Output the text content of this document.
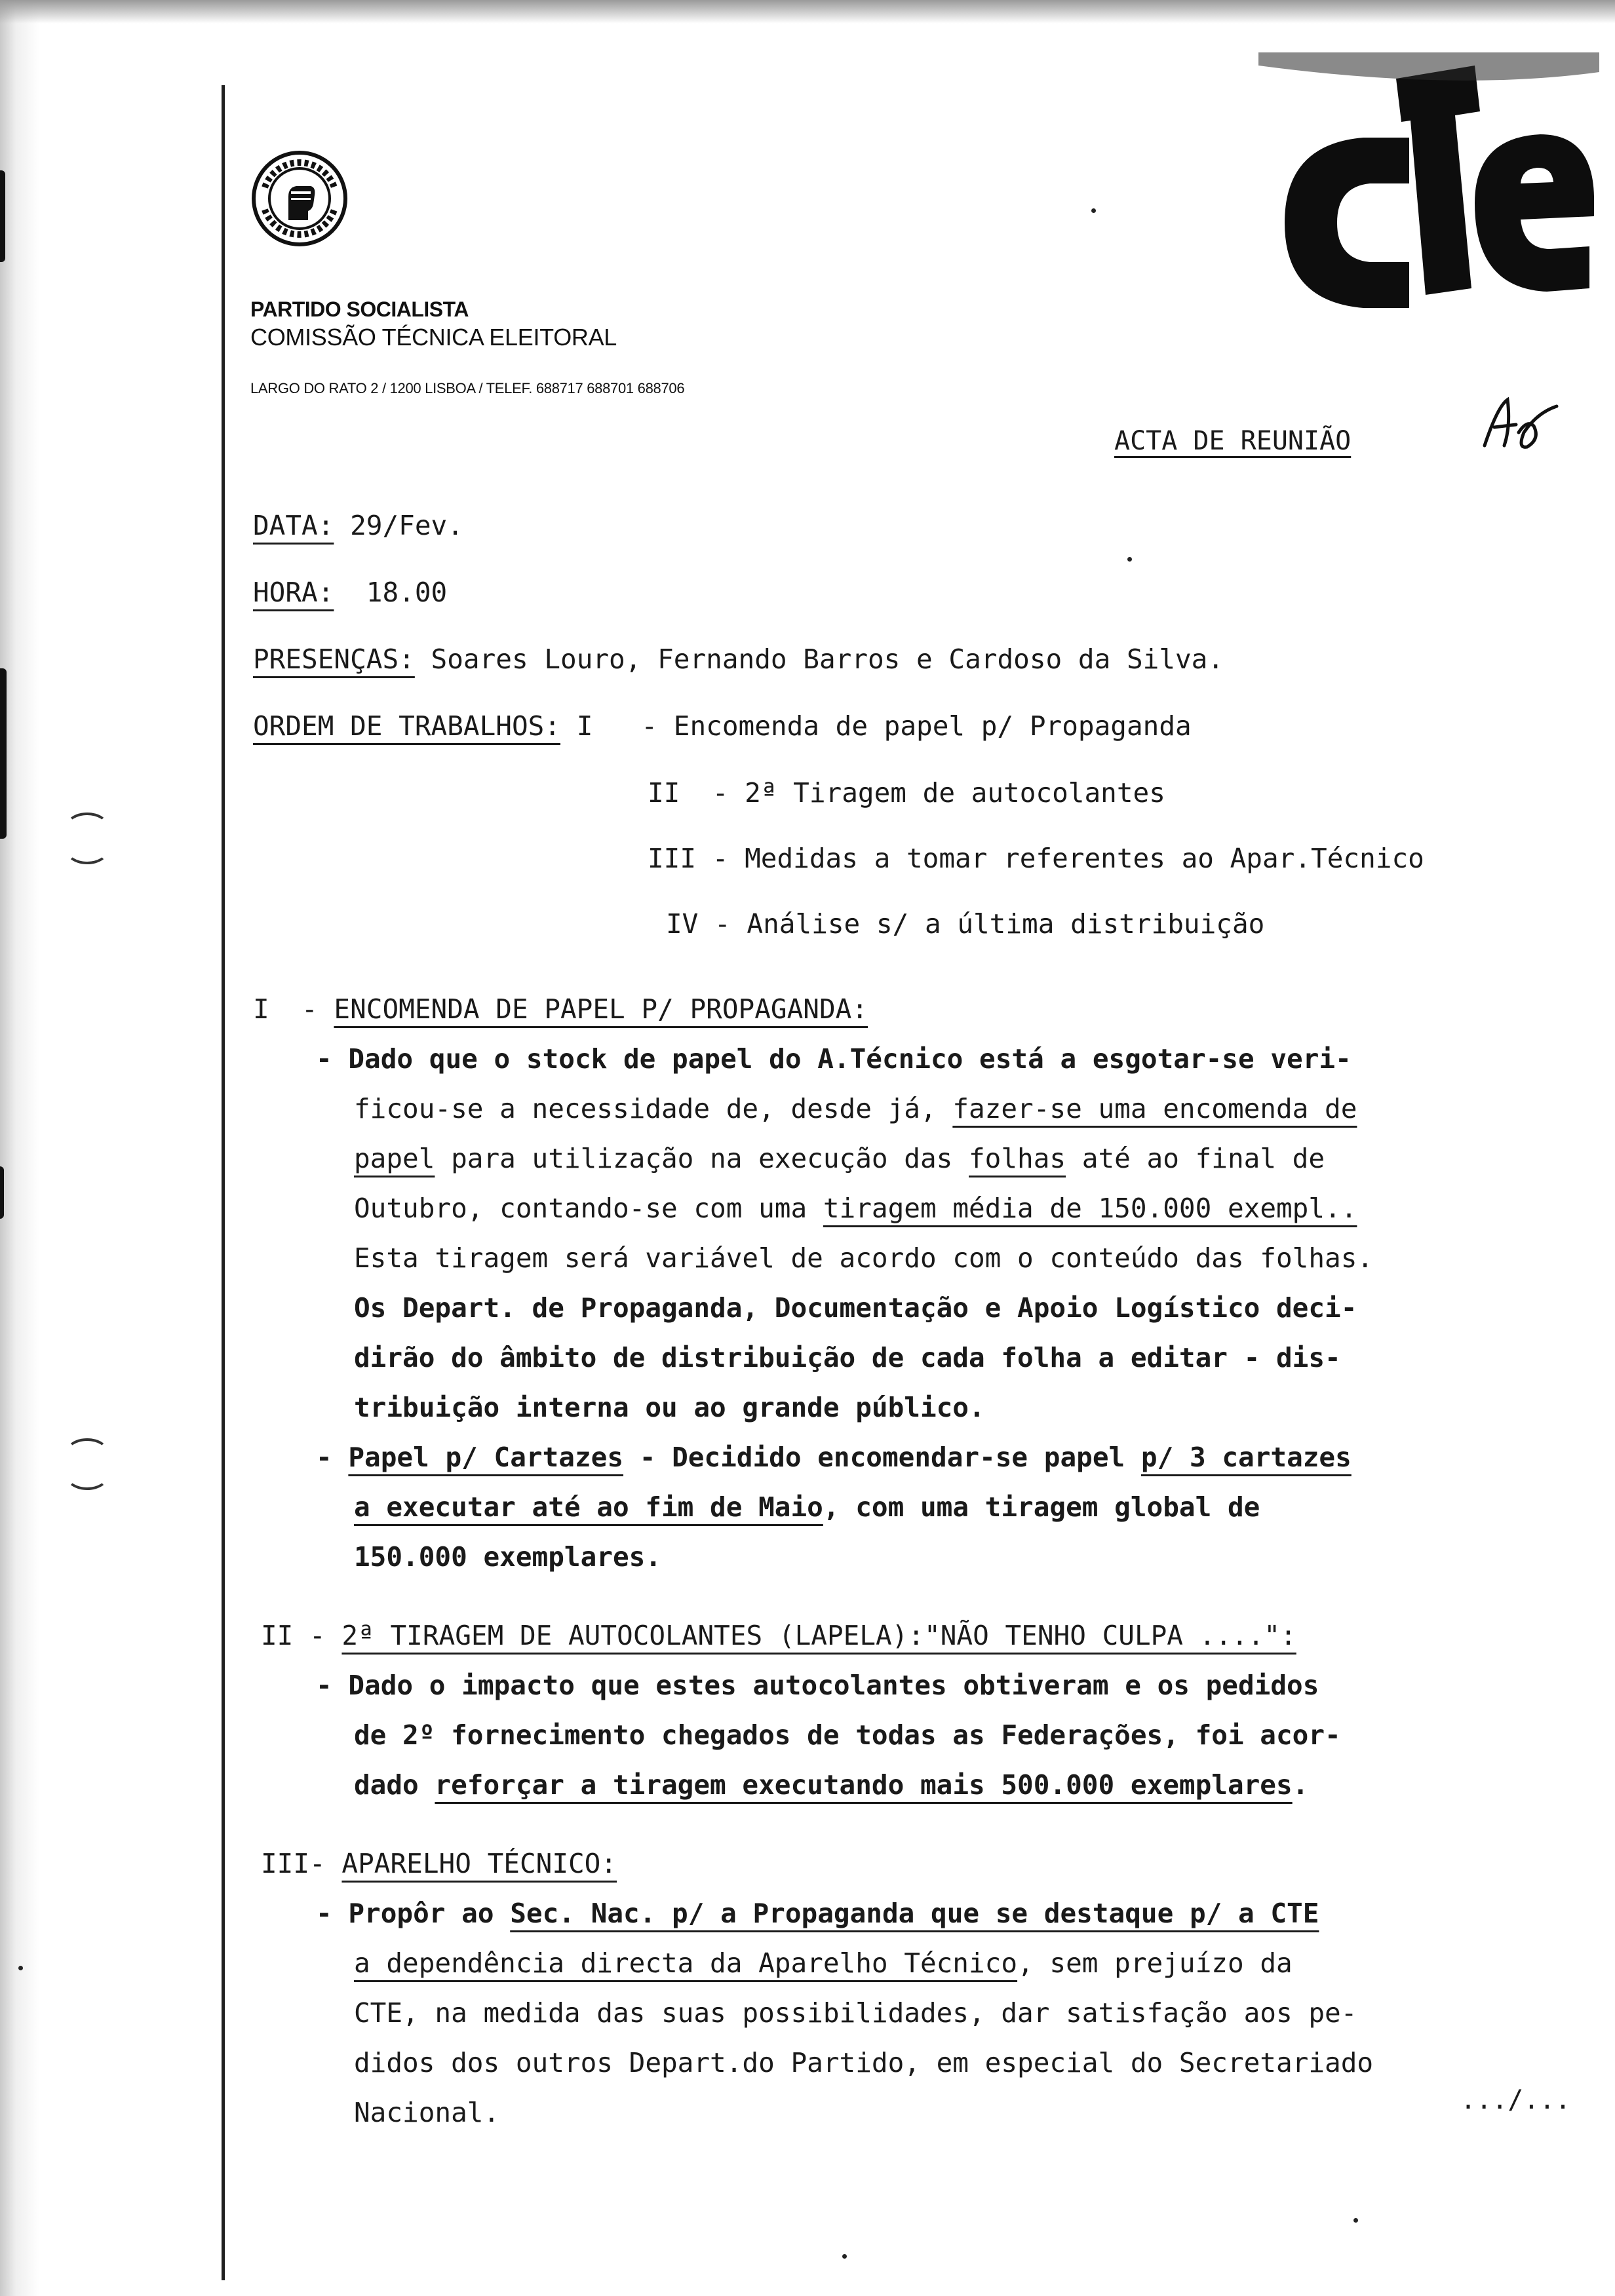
PARTIDO SOCIALISTA
COMISSÃO TÉCNICA ELEITORAL
LARGO DO RATO 2 / 1200 LISBOA / TELEF. 688717 688701 688706
ACTA DE REUNIÃO
DATA: 29/Fev.
HORA: 18.00
PRESENÇAS: Soares Louro, Fernando Barros e Cardoso da Silva.
ORDEM DE TRABALHOS: I   - Encomenda de papel p/ Propaganda
II  - 2ª Tiragem de autocolantes
III - Medidas a tomar referentes ao Apar.Técnico
IV - Análise s/ a última distribuição
I  - ENCOMENDA DE PAPEL P/ PROPAGANDA:
- Dado que o stock de papel do A.Técnico está a esgotar-se veri-
ficou-se a necessidade de, desde já, fazer-se uma encomenda de
papel para utilização na execução das folhas até ao final de
Outubro, contando-se com uma tiragem média de 150.000 exempl..
Esta tiragem será variável de acordo com o conteúdo das folhas.
Os Depart. de Propaganda, Documentação e Apoio Logístico deci-
dirão do âmbito de distribuição de cada folha a editar - dis-
tribuição interna ou ao grande público.
- Papel p/ Cartazes - Decidido encomendar-se papel p/ 3 cartazes
a executar até ao fim de Maio, com uma tiragem global de
150.000 exemplares.
II - 2ª TIRAGEM DE AUTOCOLANTES (LAPELA):"NÃO TENHO CULPA ....":
- Dado o impacto que estes autocolantes obtiveram e os pedidos
de 2º fornecimento chegados de todas as Federações, foi acor-
dado reforçar a tiragem executando mais 500.000 exemplares.
III- APARELHO TÉCNICO:
- Propôr ao Sec. Nac. p/ a Propaganda que se destaque p/ a CTE
a dependência directa da Aparelho Técnico, sem prejuízo da
CTE, na medida das suas possibilidades, dar satisfação aos pe-
didos dos outros Depart.do Partido, em especial do Secretariado
Nacional.	.../...
